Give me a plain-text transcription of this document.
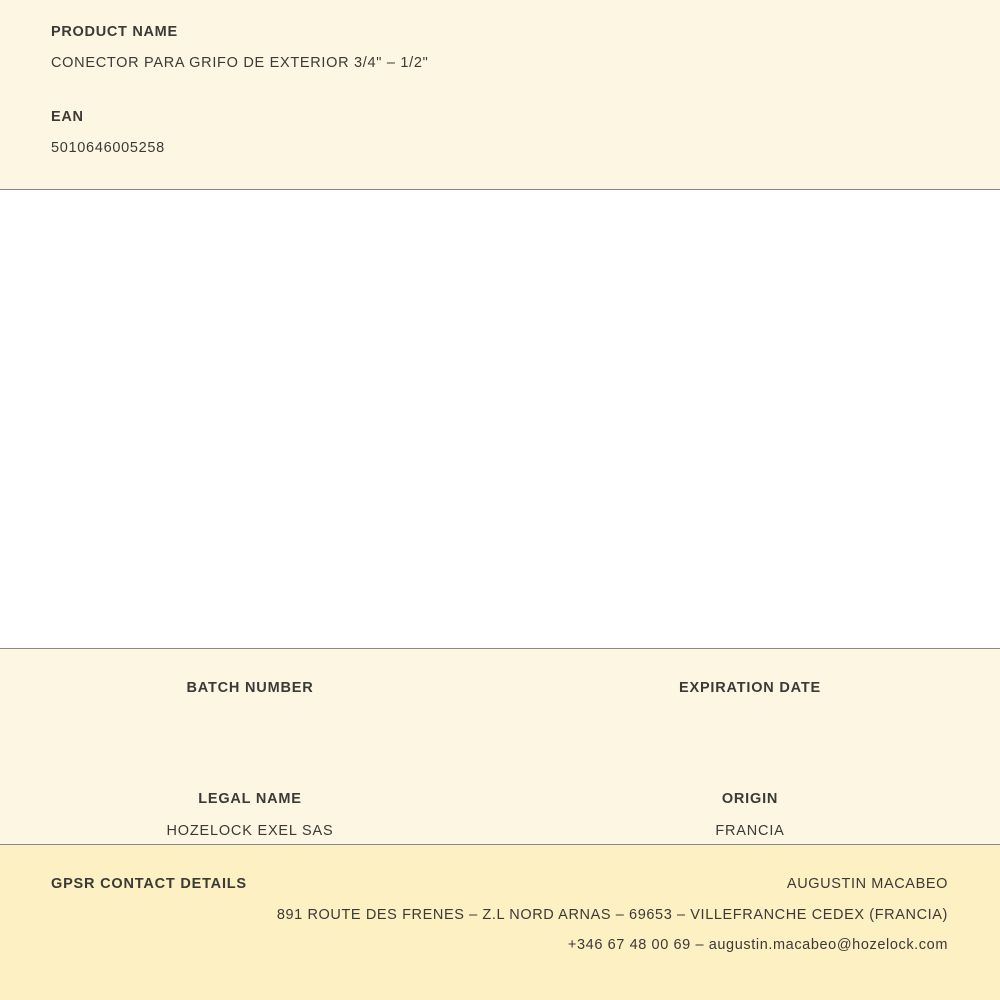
PRODUCT NAME
CONECTOR PARA GRIFO DE EXTERIOR 3/4" – 1/2"
EAN
5010646005258
BATCH NUMBER	EXPIRATION DATE
LEGAL NAME
HOZELOCK EXEL SAS
ORIGIN
FRANCIA
GPSR CONTACT DETAILS	AUGUSTIN MACABEO
891 ROUTE DES FRENES – Z.L NORD ARNAS – 69653 – VILLEFRANCHE CEDEX (FRANCIA)
+346 67 48 00 69 – augustin.macabeo@hozelock.com
